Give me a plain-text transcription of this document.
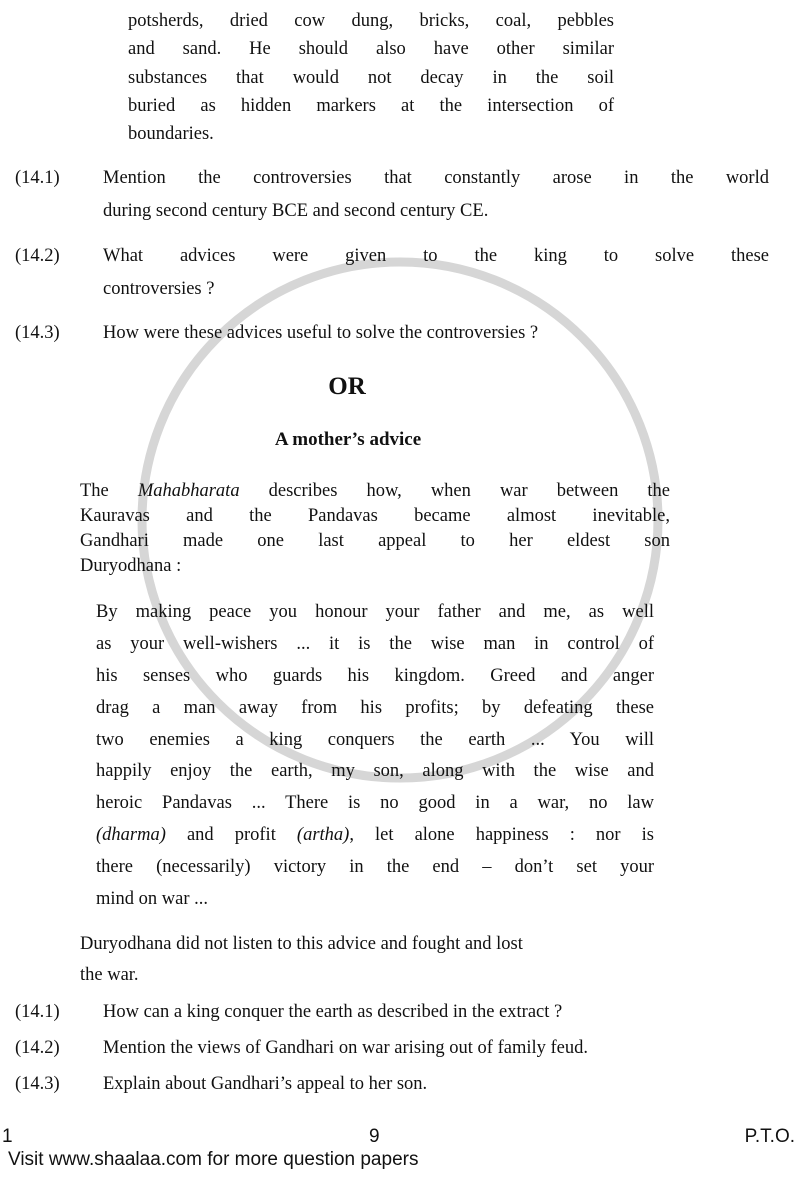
potsherds, dried cow dung, bricks, coal, pebbles
and sand. He should also have other similar
substances that would not decay in the soil
buried as hidden markers at the intersection of
boundaries.
(14.1) Mention the controversies that constantly arose in the world
during second century BCE and second century CE.
(14.2) What advices were given to the king to solve these
controversies ?
(14.3) How were these advices useful to solve the controversies ?
OR
A mother’s advice
The Mahabharata describes how, when war between the
Kauravas and the Pandavas became almost inevitable,
Gandhari made one last appeal to her eldest son
Duryodhana :
By making peace you honour your father and me, as well
as your well-wishers ... it is the wise man in control of
his senses who guards his kingdom. Greed and anger
drag a man away from his profits; by defeating these
two enemies a king conquers the earth ... You will
happily enjoy the earth, my son, along with the wise and
heroic Pandavas ... There is no good in a war, no law
(dharma) and profit (artha), let alone happiness : nor is
there (necessarily) victory in the end – don’t set your
mind on war ...
Duryodhana did not listen to this advice and fought and lost
the war.
(14.1) How can a king conquer the earth as described in the extract ?
(14.2) Mention the views of Gandhari on war arising out of family feud.
(14.3) Explain about Gandhari’s appeal to her son.
1	9	P.T.O.
Visit www.shaalaa.com for more question papers
